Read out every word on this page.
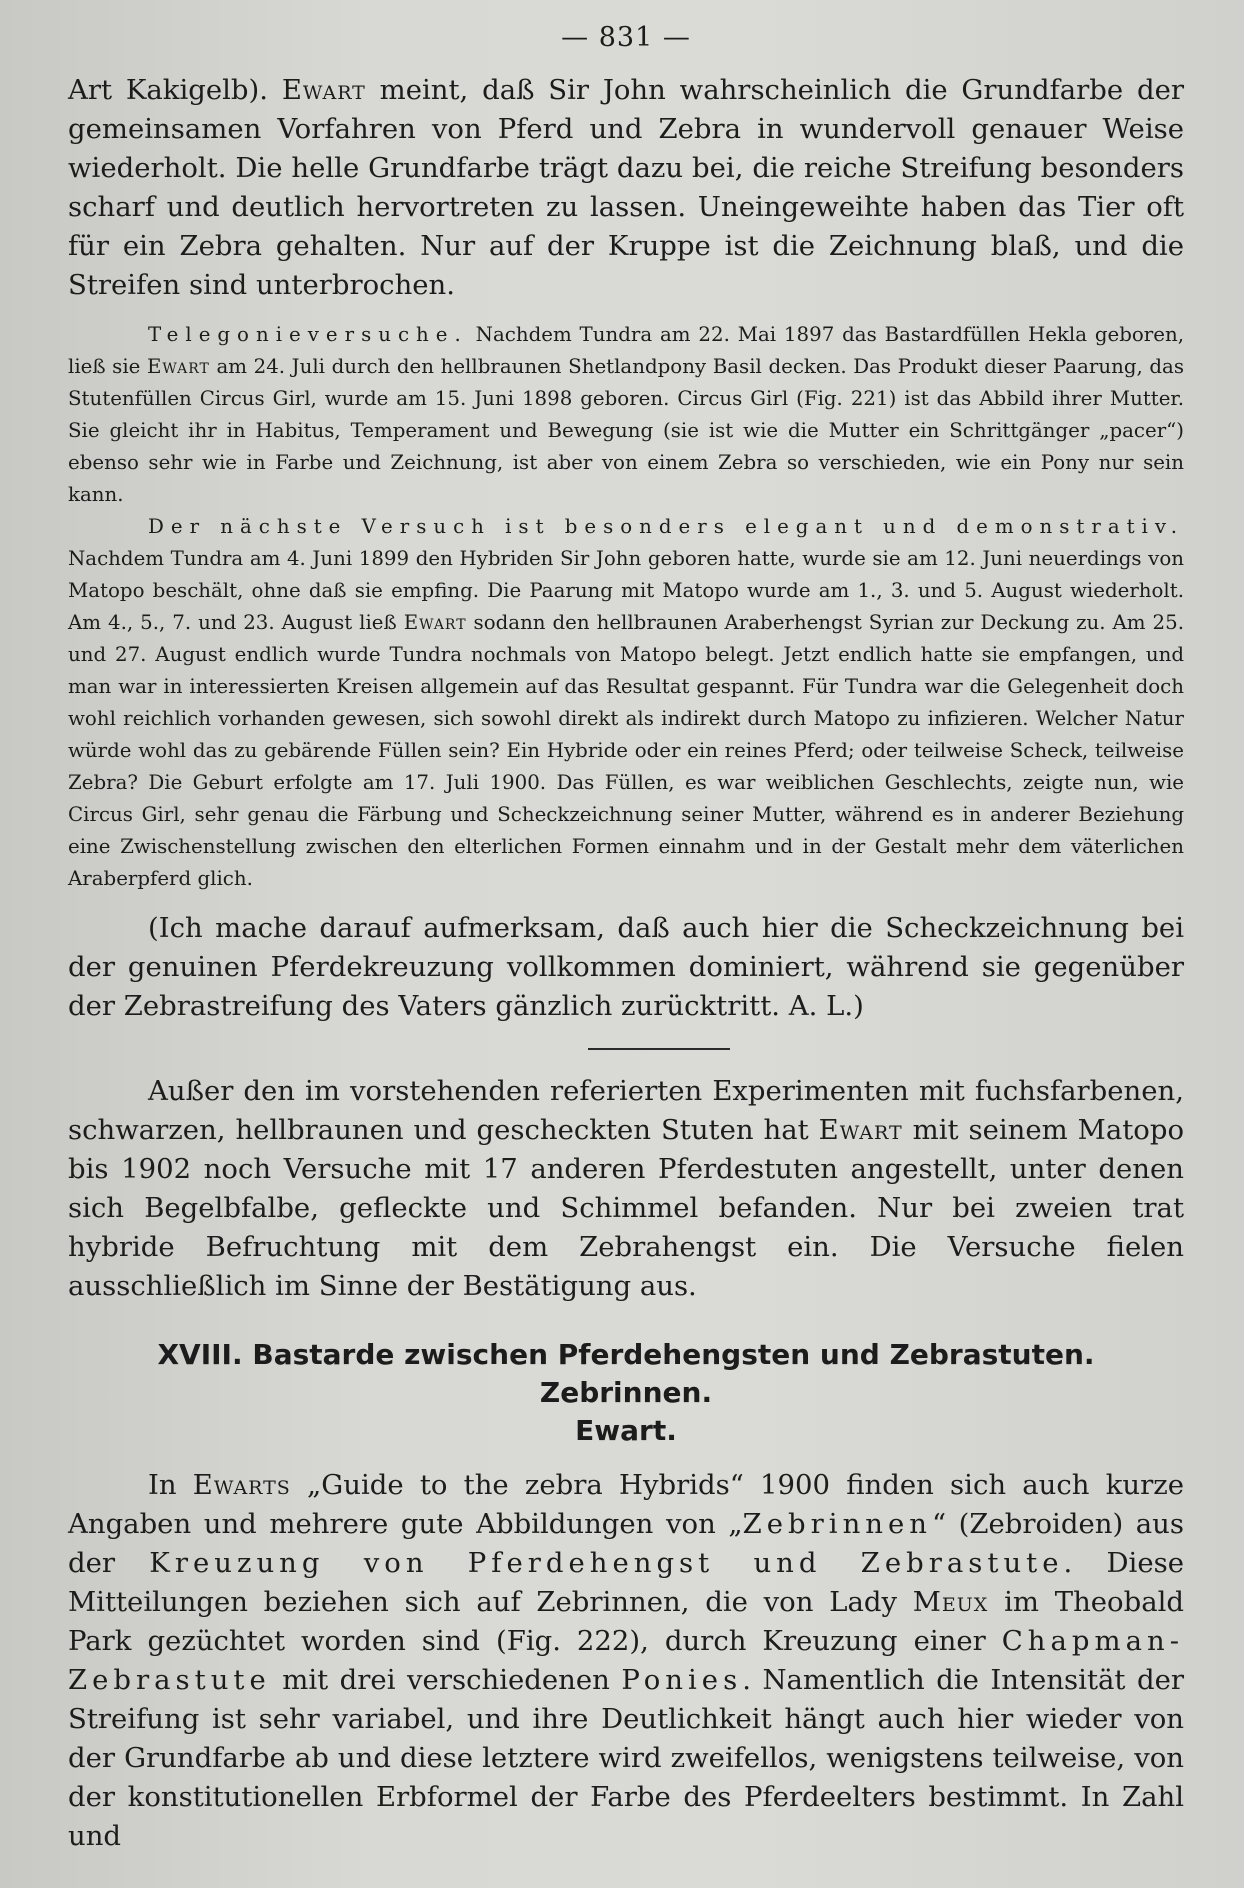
— 831 —

Art Kakigelb). Ewart meint, daß Sir John wahrscheinlich die Grundfarbe der gemeinsamen Vorfahren von Pferd und Zebra in wundervoll genauer Weise wiederholt. Die helle Grundfarbe trägt dazu bei, die reiche Streifung besonders scharf und deutlich hervortreten zu lassen. Uneingeweihte haben das Tier oft für ein Zebra gehalten. Nur auf der Kruppe ist die Zeichnung blaß, und die Streifen sind unterbrochen.

Telegonieversuche. Nachdem Tundra am 22. Mai 1897 das Bastardfüllen Hekla geboren, ließ sie Ewart am 24. Juli durch den hellbraunen Shetlandpony Basil decken. Das Produkt dieser Paarung, das Stutenfüllen Circus Girl, wurde am 15. Juni 1898 geboren. Circus Girl (Fig. 221) ist das Abbild ihrer Mutter. Sie gleicht ihr in Habitus, Temperament und Bewegung (sie ist wie die Mutter ein Schrittgänger „pacer“) ebenso sehr wie in Farbe und Zeichnung, ist aber von einem Zebra so verschieden, wie ein Pony nur sein kann.

Der nächste Versuch ist besonders elegant und demonstrativ. Nachdem Tundra am 4. Juni 1899 den Hybriden Sir John geboren hatte, wurde sie am 12. Juni neuerdings von Matopo beschält, ohne daß sie empfing. Die Paarung mit Matopo wurde am 1., 3. und 5. August wiederholt. Am 4., 5., 7. und 23. August ließ Ewart sodann den hellbraunen Araberhengst Syrian zur Deckung zu. Am 25. und 27. August endlich wurde Tundra nochmals von Matopo belegt. Jetzt endlich hatte sie empfangen, und man war in interessierten Kreisen allgemein auf das Resultat gespannt. Für Tundra war die Gelegenheit doch wohl reichlich vorhanden gewesen, sich sowohl direkt als indirekt durch Matopo zu infizieren. Welcher Natur würde wohl das zu gebärende Füllen sein? Ein Hybride oder ein reines Pferd; oder teilweise Scheck, teilweise Zebra? Die Geburt erfolgte am 17. Juli 1900. Das Füllen, es war weiblichen Geschlechts, zeigte nun, wie Circus Girl, sehr genau die Färbung und Scheckzeichnung seiner Mutter, während es in anderer Beziehung eine Zwischenstellung zwischen den elterlichen Formen einnahm und in der Gestalt mehr dem väterlichen Araberpferd glich.

(Ich mache darauf aufmerksam, daß auch hier die Scheckzeichnung bei der genuinen Pferdekreuzung vollkommen dominiert, während sie gegenüber der Zebrastreifung des Vaters gänzlich zurücktritt. A. L.)

Außer den im vorstehenden referierten Experimenten mit fuchsfarbenen, schwarzen, hellbraunen und gescheckten Stuten hat Ewart mit seinem Matopo bis 1902 noch Versuche mit 17 anderen Pferdestuten angestellt, unter denen sich Begelbfalbe, gefleckte und Schimmel befanden. Nur bei zweien trat hybride Befruchtung mit dem Zebrahengst ein. Die Versuche fielen ausschließlich im Sinne der Bestätigung aus.

XVIII. Bastarde zwischen Pferdehengsten und Zebrastuten. Zebrinnen.
Ewart.

In Ewarts „Guide to the zebra Hybrids“ 1900 finden sich auch kurze Angaben und mehrere gute Abbildungen von „Zebrinnen“ (Zebroiden) aus der Kreuzung von Pferdehengst und Zebrastute. Diese Mitteilungen beziehen sich auf Zebrinnen, die von Lady Meux im Theobald Park gezüchtet worden sind (Fig. 222), durch Kreuzung einer Chapman-Zebrastute mit drei verschiedenen Ponies. Namentlich die Intensität der Streifung ist sehr variabel, und ihre Deutlichkeit hängt auch hier wieder von der Grundfarbe ab und diese letztere wird zweifellos, wenigstens teilweise, von der konstitutionellen Erbformel der Farbe des Pferdeelters bestimmt. In Zahl und
